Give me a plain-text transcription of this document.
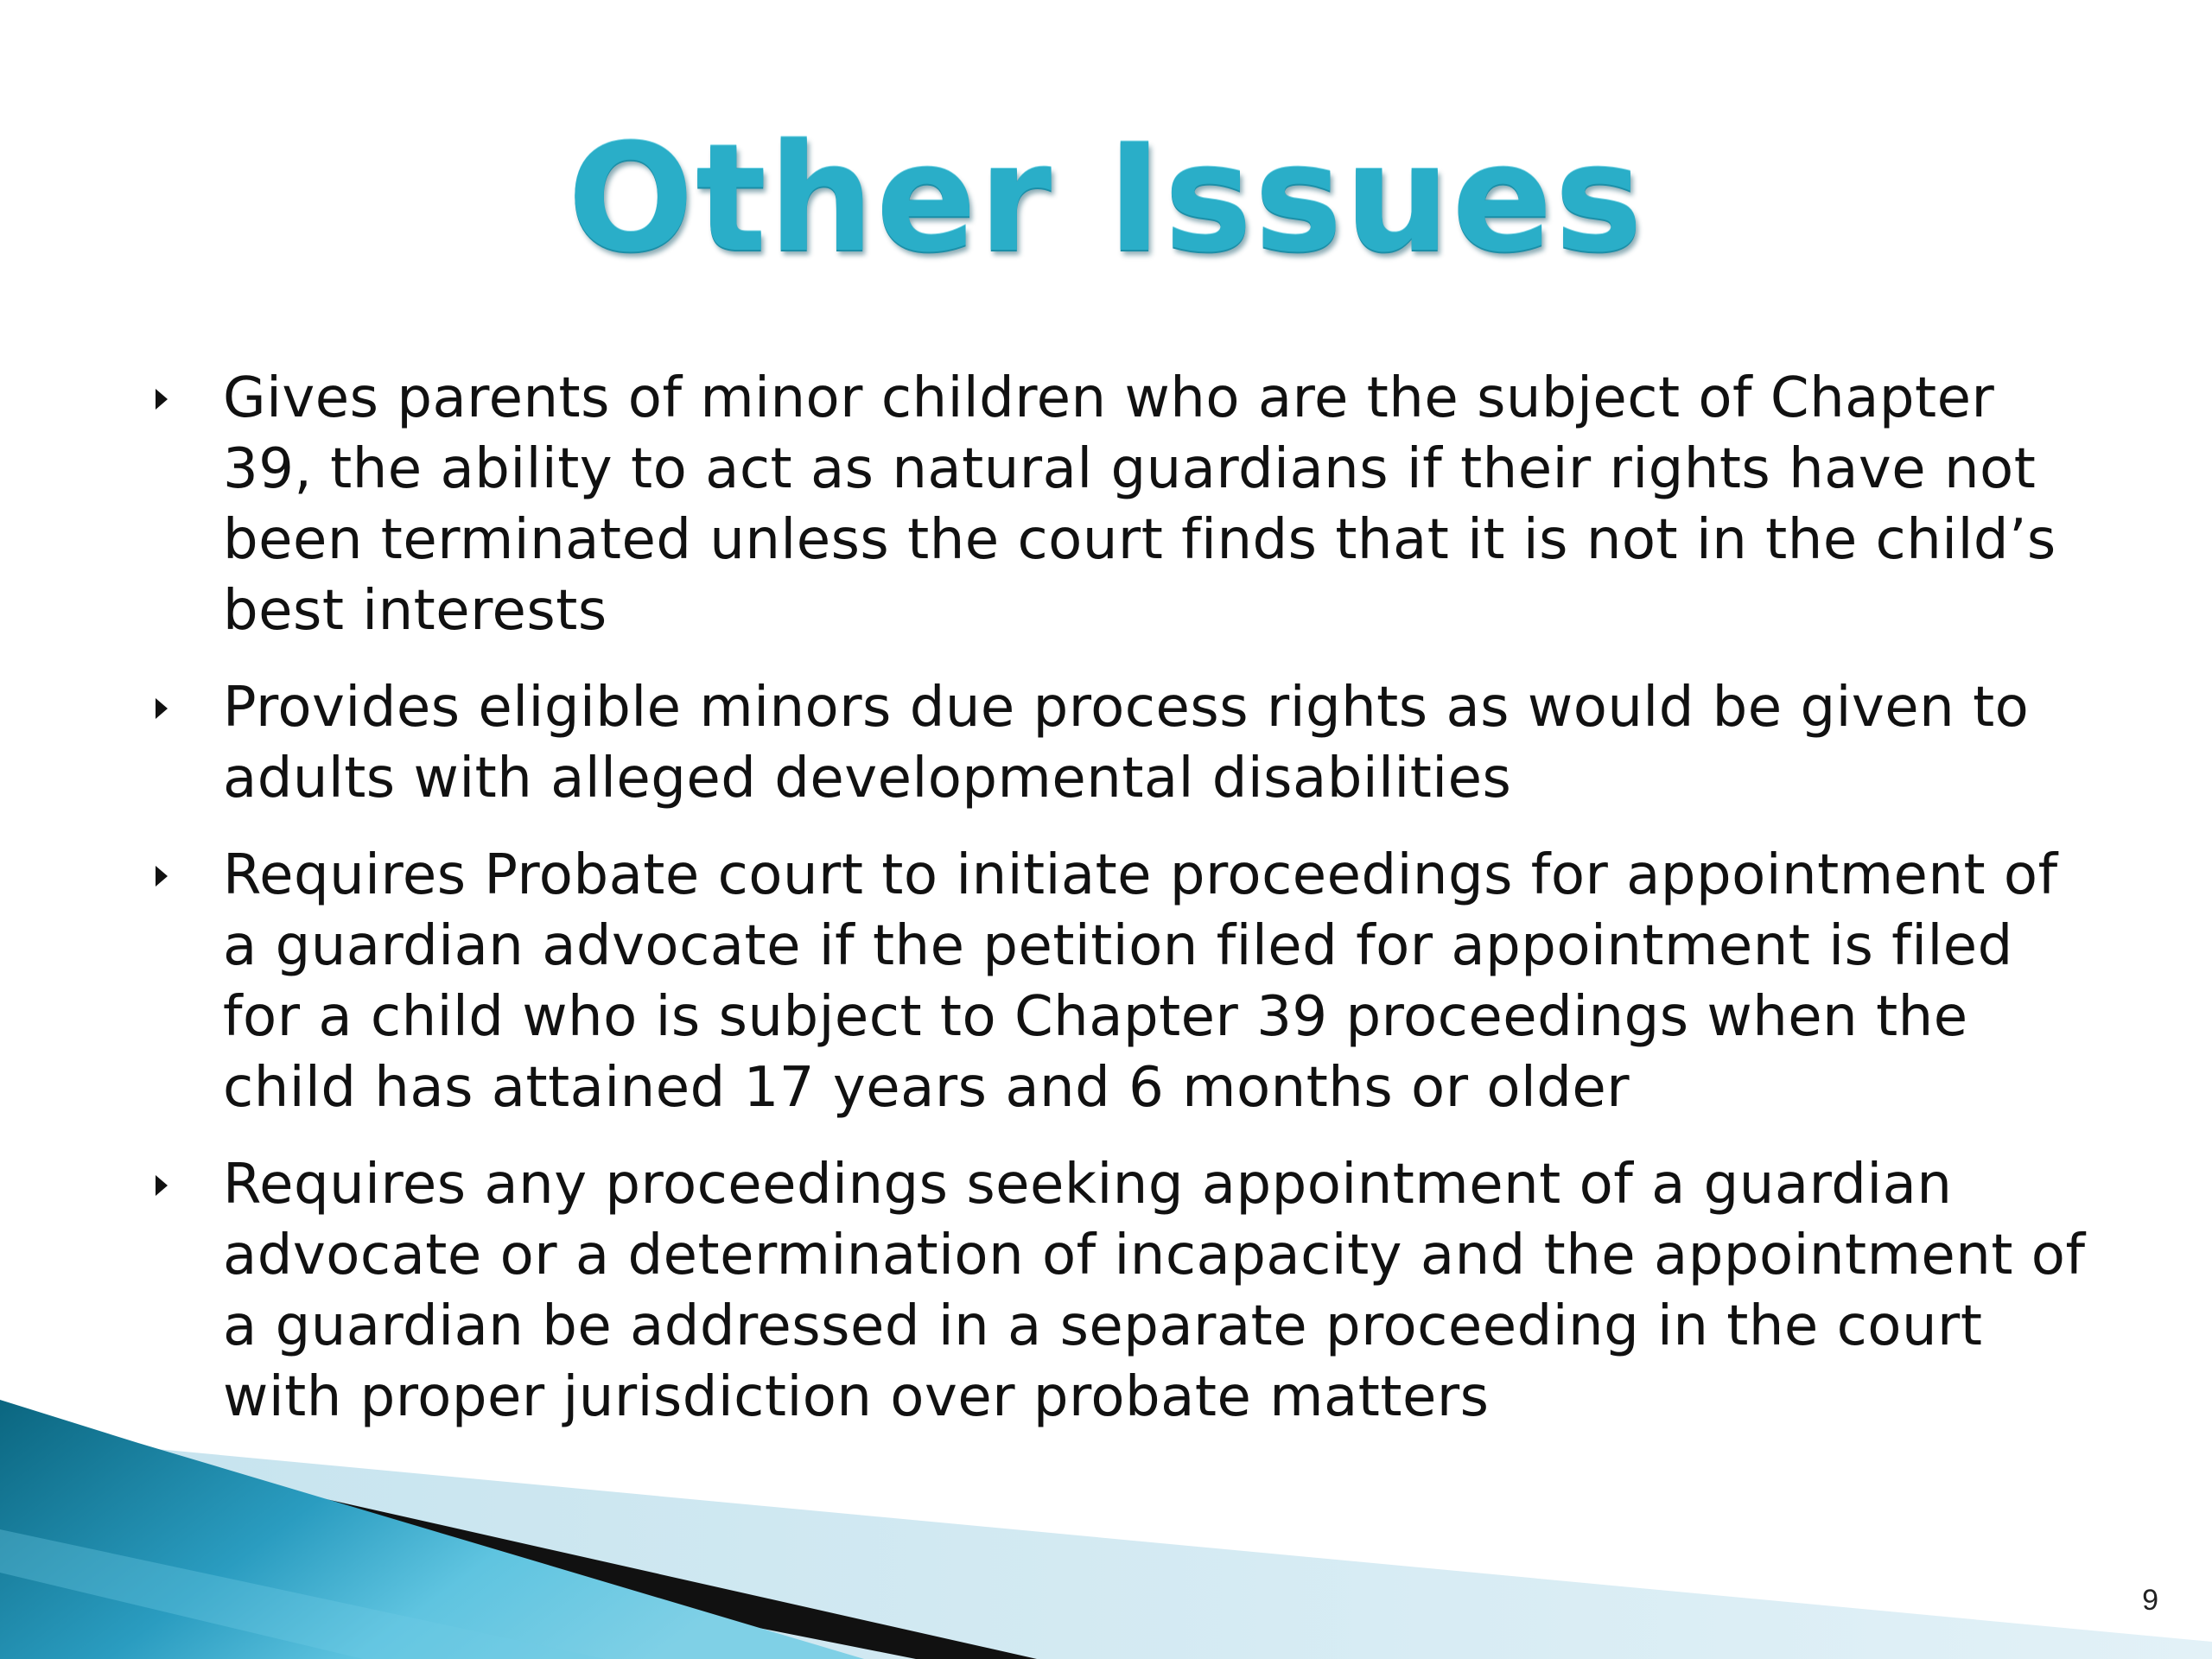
Other Issues
Gives parents of minor children who are the subject of Chapter 39, the ability to act as natural guardians if their rights have not been terminated unless the court finds that it is not in the child’s best interests
Provides eligible minors due process rights as would be given to adults with alleged developmental disabilities
Requires Probate court to initiate proceedings for appointment of a guardian advocate if the petition filed for appointment is filed for a child who is subject to Chapter 39 proceedings when the child has attained 17 years and 6 months or older
Requires any proceedings seeking appointment of a guardian advocate or a determination of incapacity and the appointment of a guardian be addressed in a separate proceeding in the court with proper jurisdiction over probate matters
9
